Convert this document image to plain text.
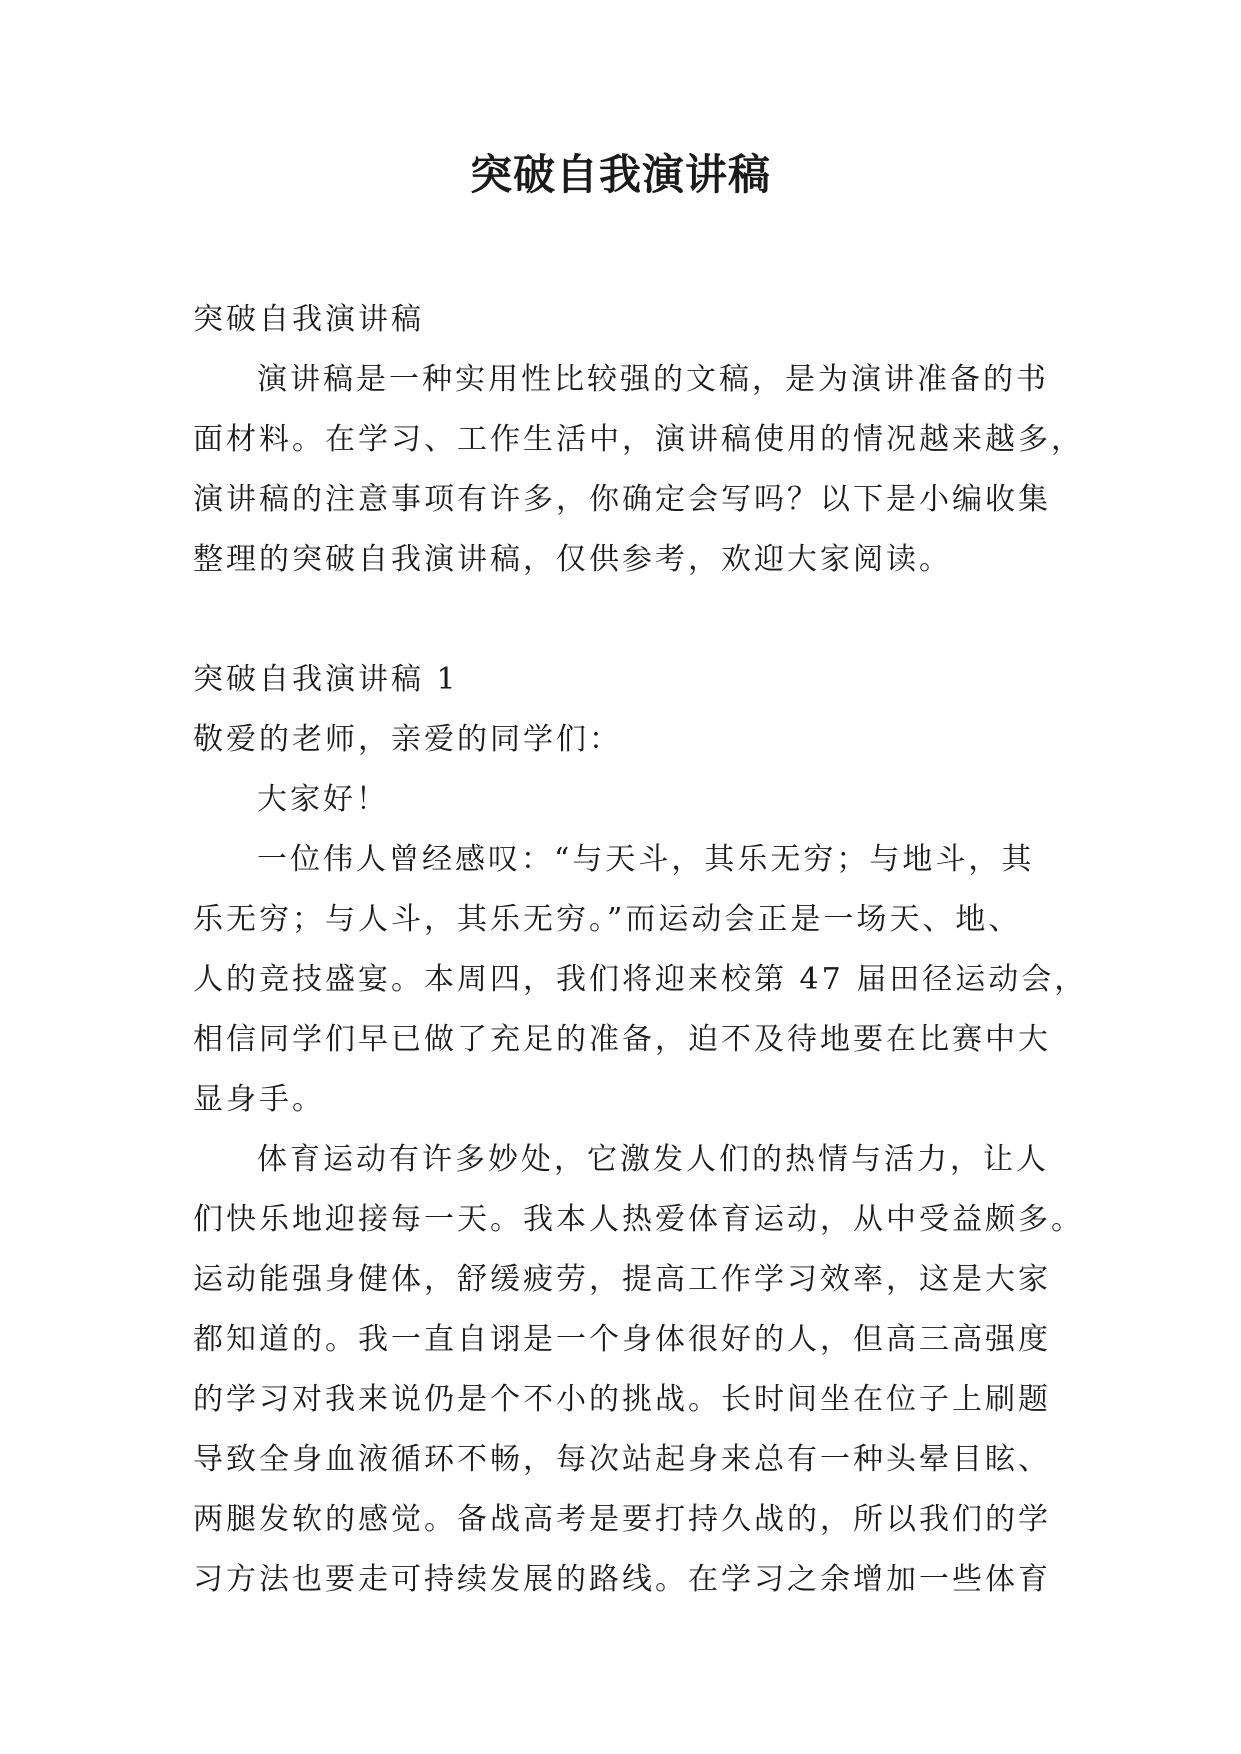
突破自我演讲稿
突破自我演讲稿
演讲稿是一种实用性比较强的文稿，是为演讲准备的书
面材料。在学习、工作生活中，演讲稿使用的情况越来越多，
演讲稿的注意事项有许多，你确定会写吗？以下是小编收集
整理的突破自我演讲稿，仅供参考，欢迎大家阅读。
突破自我演讲稿 1
敬爱的老师，亲爱的同学们：
大家好！
一位伟人曾经感叹：“与天斗，其乐无穷；与地斗，其
乐无穷；与人斗，其乐无穷。”而运动会正是一场天、地、
人的竞技盛宴。本周四，我们将迎来校第 47 届田径运动会，
相信同学们早已做了充足的准备，迫不及待地要在比赛中大
显身手。
体育运动有许多妙处，它激发人们的热情与活力，让人
们快乐地迎接每一天。我本人热爱体育运动，从中受益颇多。
运动能强身健体，舒缓疲劳，提高工作学习效率，这是大家
都知道的。我一直自诩是一个身体很好的人，但高三高强度
的学习对我来说仍是个不小的挑战。长时间坐在位子上刷题
导致全身血液循环不畅，每次站起身来总有一种头晕目眩、
两腿发软的感觉。备战高考是要打持久战的，所以我们的学
习方法也要走可持续发展的路线。在学习之余增加一些体育
